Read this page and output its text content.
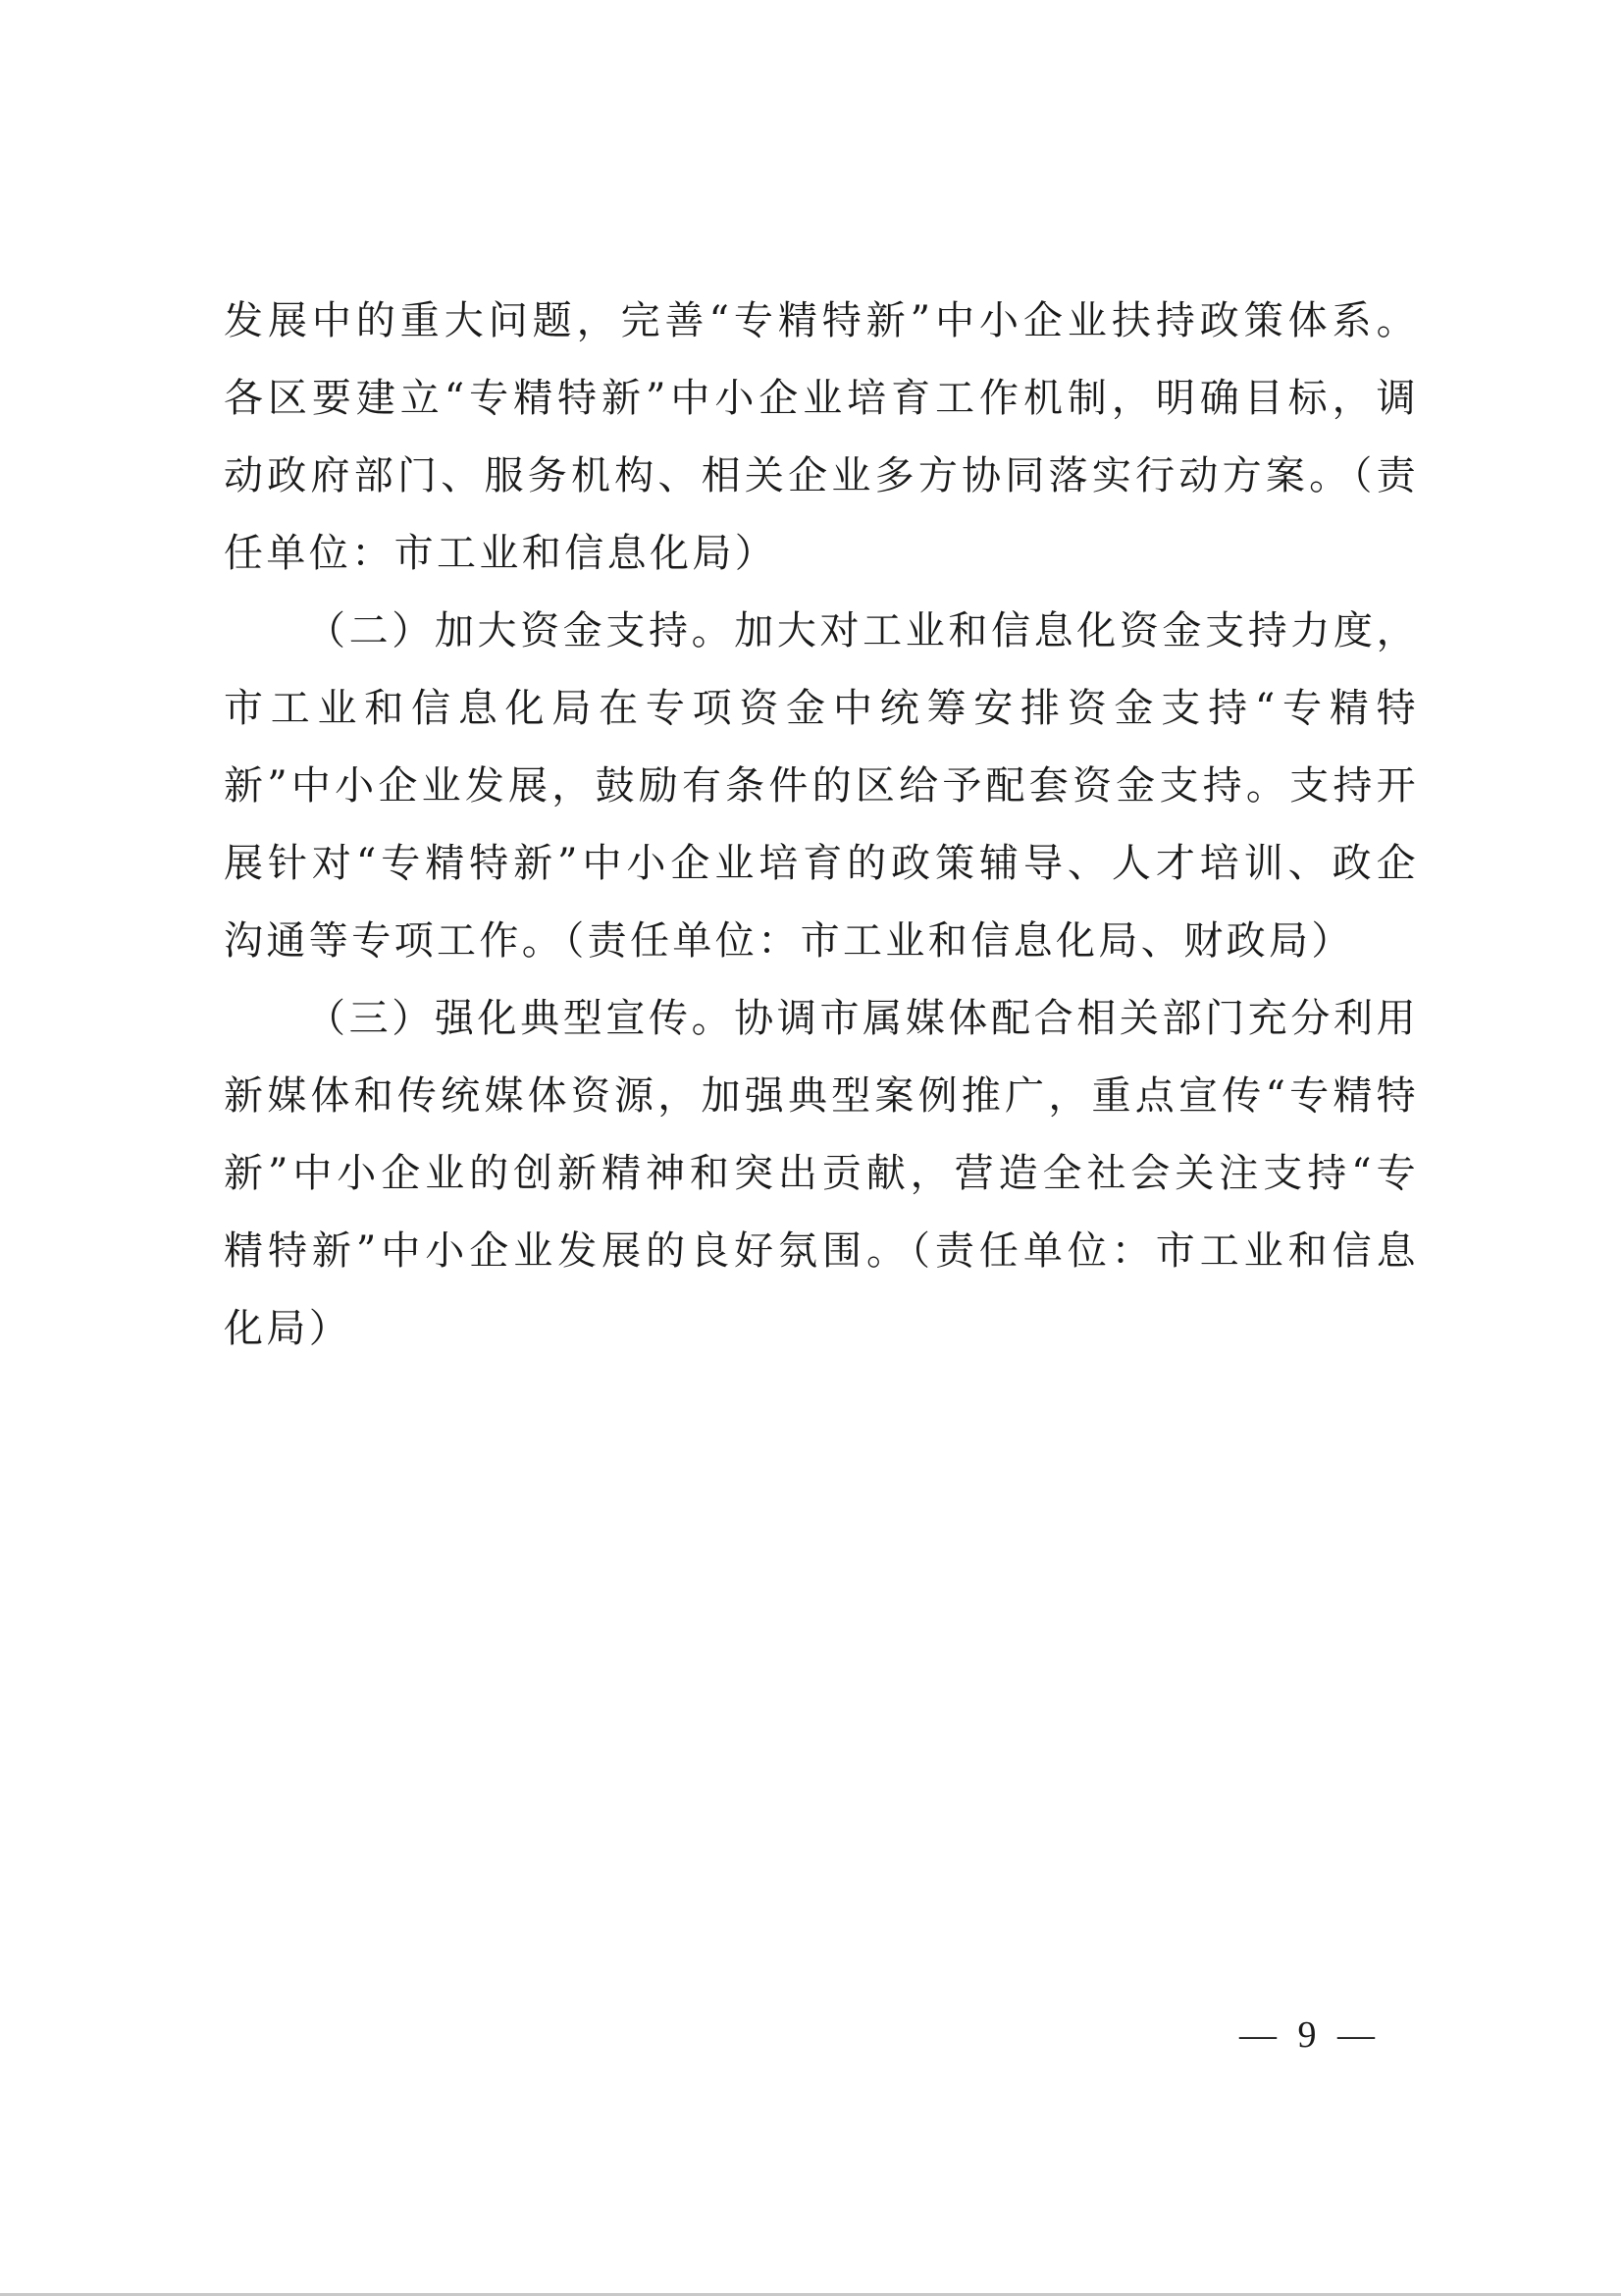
发展中的重大问题，完善“专精特新”中小企业扶持政策体系。各区要建立“专精特新”中小企业培育工作机制，明确目标，调动政府部门、服务机构、相关企业多方协同落实行动方案。（责任单位：市工业和信息化局）

（二）加大资金支持。加大对工业和信息化资金支持力度，市工业和信息化局在专项资金中统筹安排资金支持“专精特新”中小企业发展，鼓励有条件的区给予配套资金支持。支持开展针对“专精特新”中小企业培育的政策辅导、人才培训、政企沟通等专项工作。（责任单位：市工业和信息化局、财政局）

（三）强化典型宣传。协调市属媒体配合相关部门充分利用新媒体和传统媒体资源，加强典型案例推广，重点宣传“专精特新”中小企业的创新精神和突出贡献，营造全社会关注支持“专精特新”中小企业发展的良好氛围。（责任单位：市工业和信息化局）

— 9 —
